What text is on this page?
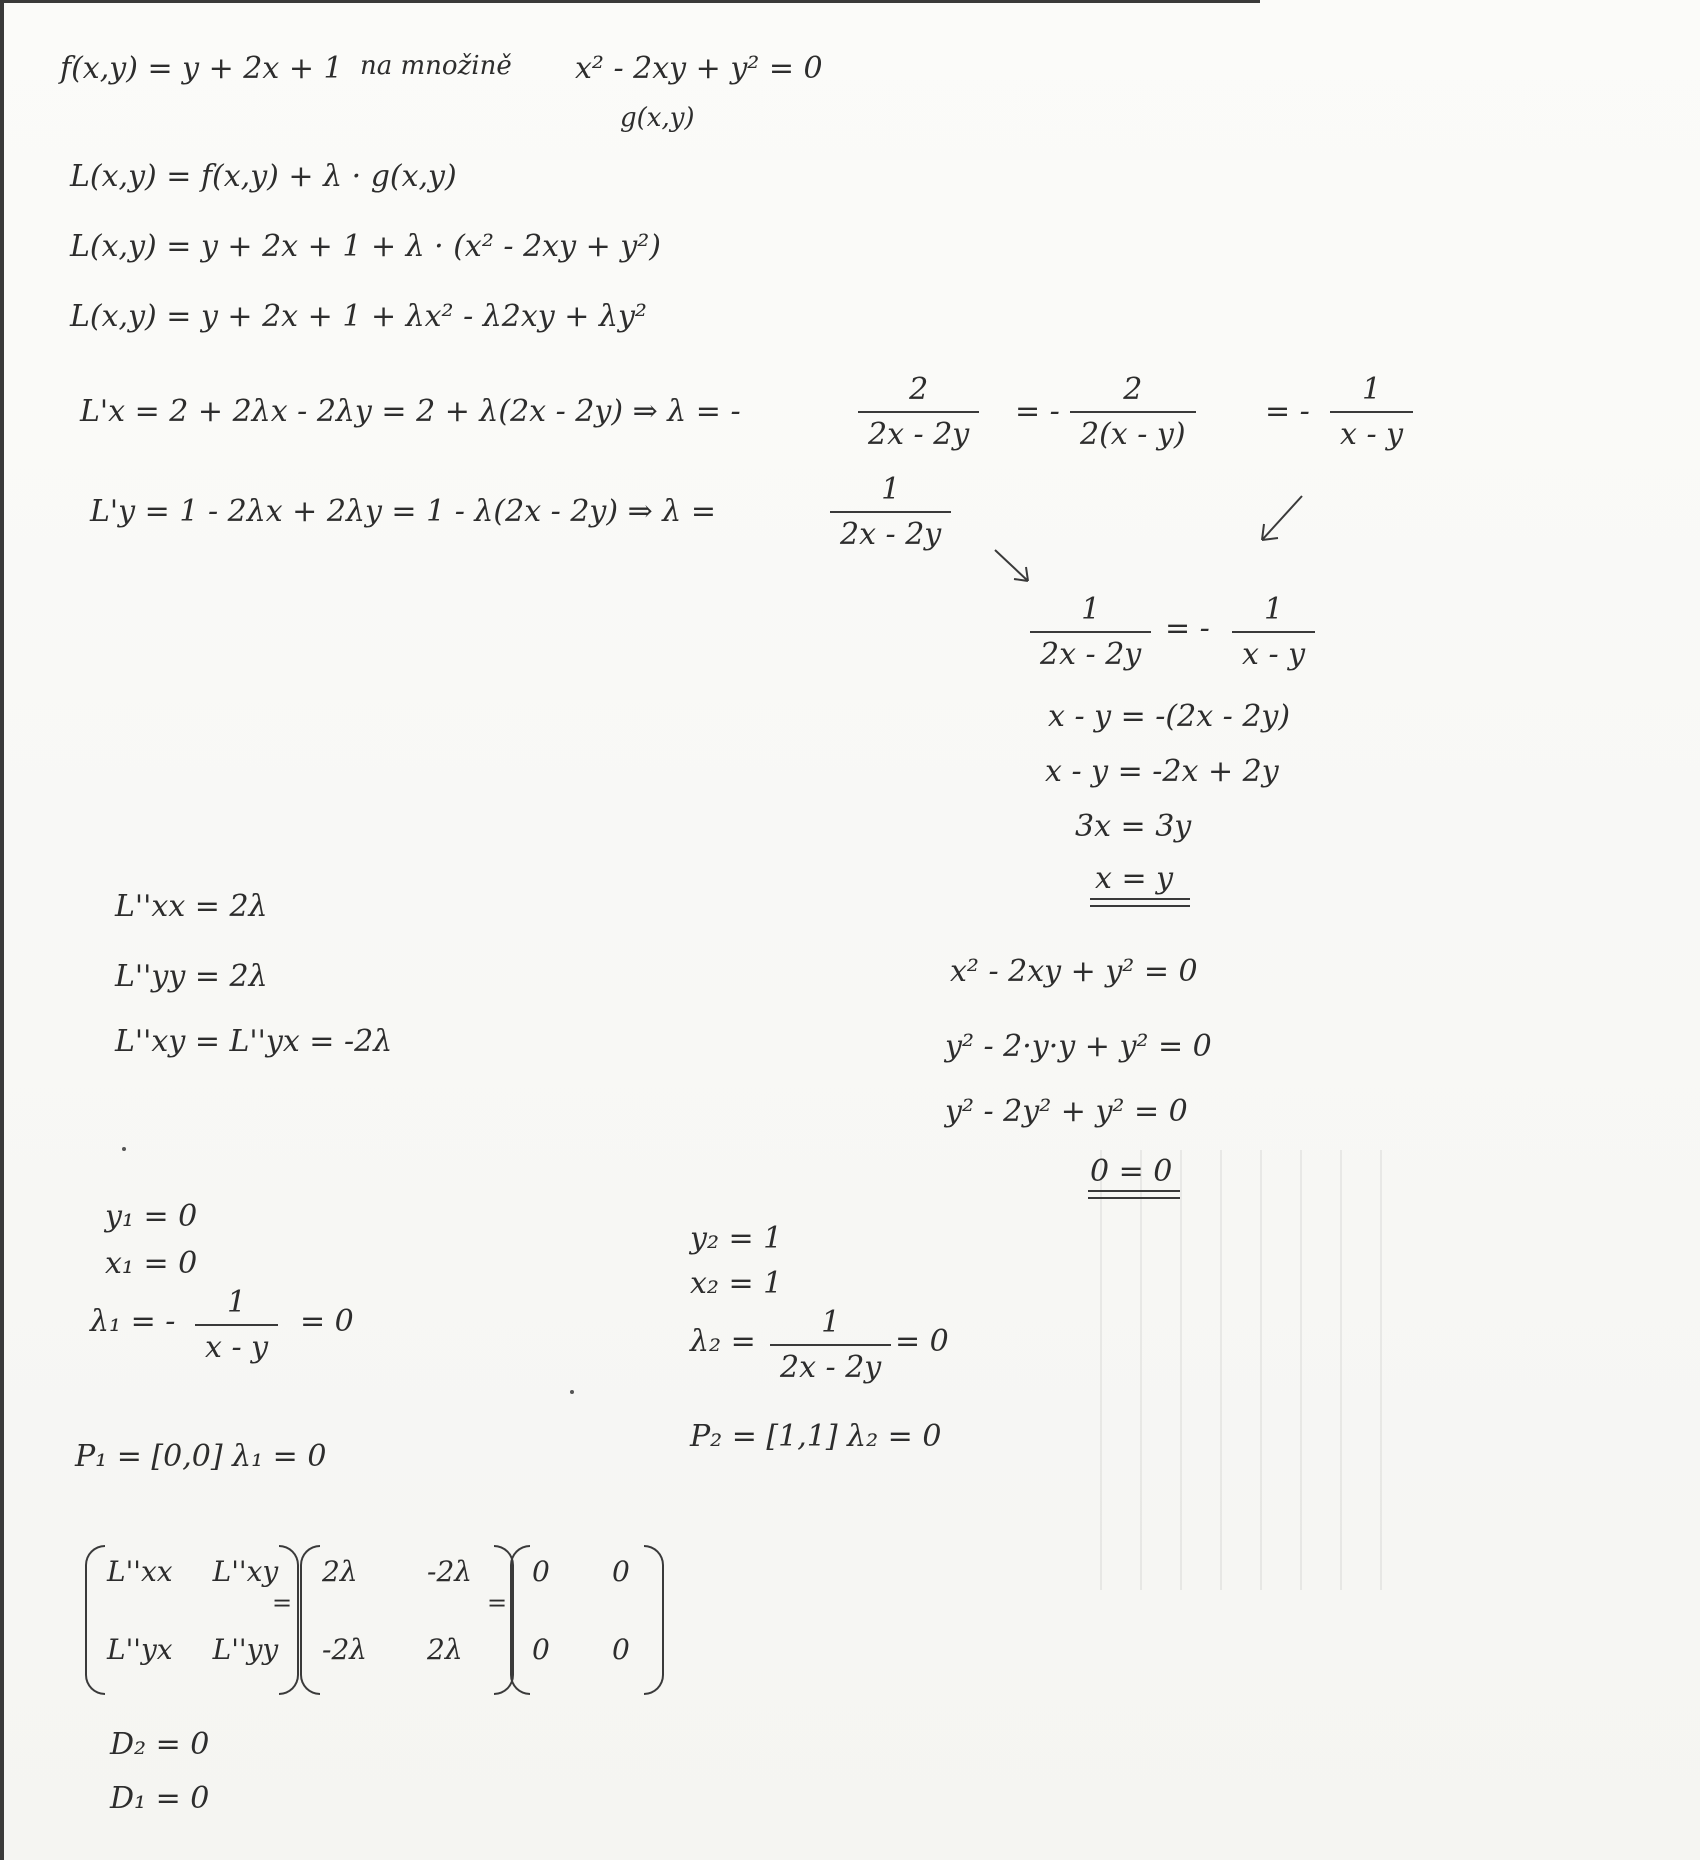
f(x,y) = y + 2x + 1 na množině x² - 2xy + y² = 0
g(x,y)
L(x,y) = f(x,y) + λ · g(x,y)
L(x,y) = y + 2x + 1 + λ · (x² - 2xy + y²)
L(x,y) = y + 2x + 1 + λx² - λ2xy + λy²
L'x = 2 + 2λx - 2λy = 2 + λ(2x - 2y) ⇒ λ = -
2
2x - 2y
= -
2
2(x - y)
= -
1
x - y
L'y = 1 - 2λx + 2λy = 1 - λ(2x - 2y) ⇒ λ =
1
2x - 2y
1
2x - 2y
= -
1
x - y
x - y = -(2x - 2y)
x - y = -2x + 2y
3x = 3y
x = y
x² - 2xy + y² = 0
y² - 2·y·y + y² = 0
y² - 2y² + y² = 0
0 = 0
L''xx = 2λ
L''yy = 2λ
L''xy = L''yx = -2λ
y₁ = 0
x₁ = 0
λ₁ = -
1
x - y
= 0
P₁ = [0,0] λ₁ = 0
y₂ = 1
x₂ = 1
λ₂ =
1
2x - 2y
= 0
P₂ = [1,1] λ₂ = 0
L''xx L''xy
L''yx L''yy
=
2λ	-2λ
-2λ	2λ
=
0	0
0	0
D₂ = 0
D₁ = 0
